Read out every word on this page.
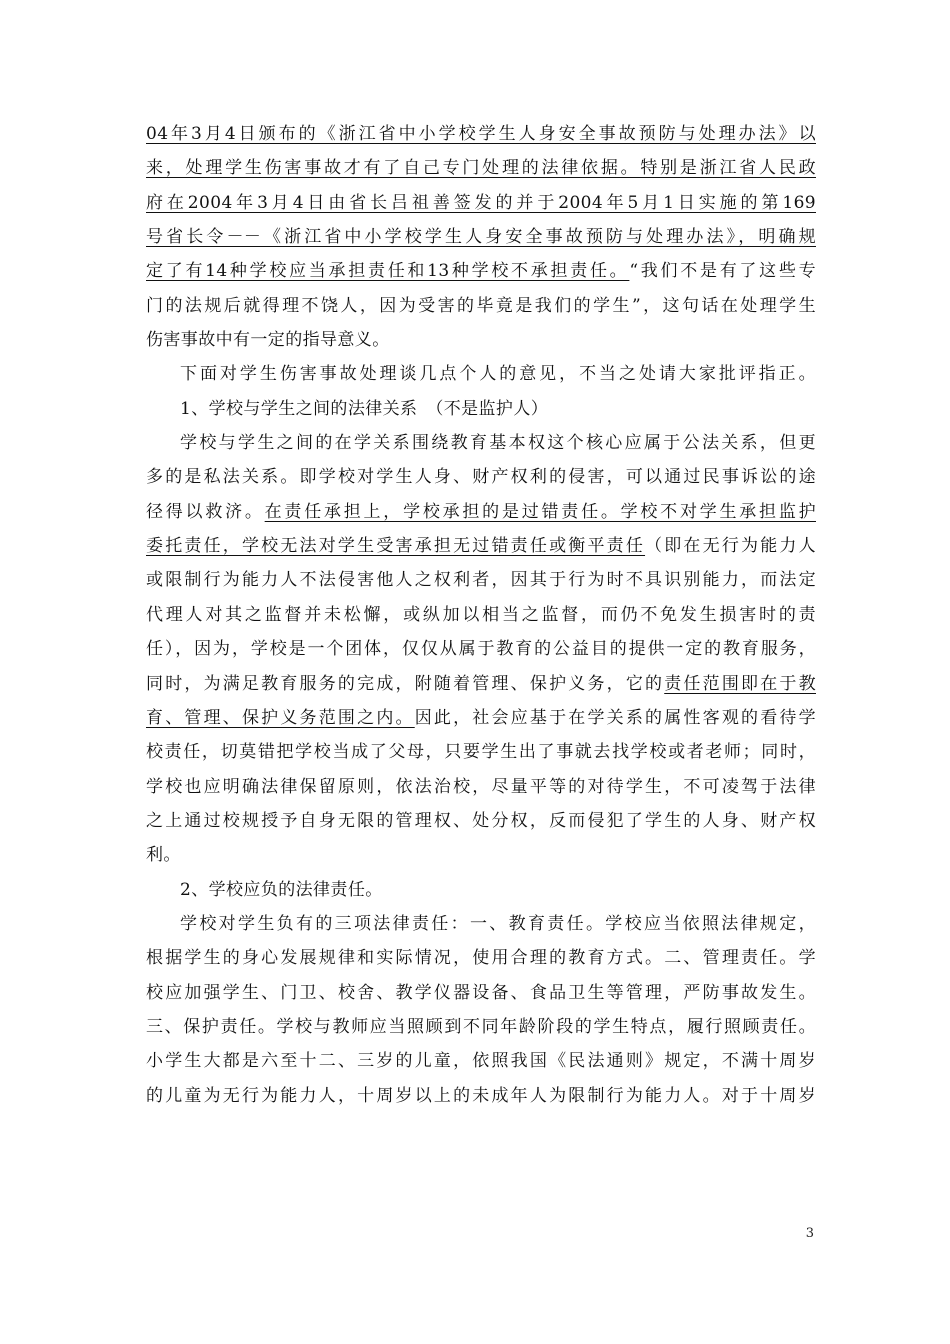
04年3月4日颁布的《浙江省中小学校学生人身安全事故预防与处理办法》以
来，处理学生伤害事故才有了自己专门处理的法律依据。特别是浙江省人民政
府在2004年3月4日由省长吕祖善签发的并于2004年5月1日实施的第169
号省长令－－《浙江省中小学校学生人身安全事故预防与处理办法》，明确规
定了有14种学校应当承担责任和13种学校不承担责任。“我们不是有了这些专
门的法规后就得理不饶人，因为受害的毕竟是我们的学生”，这句话在处理学生
伤害事故中有一定的指导意义。
下面对学生伤害事故处理谈几点个人的意见，不当之处请大家批评指正。
1、学校与学生之间的法律关系　（不是监护人）
学校与学生之间的在学关系围绕教育基本权这个核心应属于公法关系，但更
多的是私法关系。即学校对学生人身、财产权利的侵害，可以通过民事诉讼的途
径得以救济。在责任承担上，学校承担的是过错责任。学校不对学生承担监护
委托责任，学校无法对学生受害承担无过错责任或衡平责任（即在无行为能力人
或限制行为能力人不法侵害他人之权利者，因其于行为时不具识别能力，而法定
代理人对其之监督并未松懈，或纵加以相当之监督，而仍不免发生损害时的责
任），因为，学校是一个团体，仅仅从属于教育的公益目的提供一定的教育服务，
同时，为满足教育服务的完成，附随着管理、保护义务，它的责任范围即在于教
育、管理、保护义务范围之内。因此，社会应基于在学关系的属性客观的看待学
校责任，切莫错把学校当成了父母，只要学生出了事就去找学校或者老师；同时，
学校也应明确法律保留原则，依法治校，尽量平等的对待学生，不可凌驾于法律
之上通过校规授予自身无限的管理权、处分权，反而侵犯了学生的人身、财产权
利。
2、学校应负的法律责任。
学校对学生负有的三项法律责任：一、教育责任。学校应当依照法律规定，
根据学生的身心发展规律和实际情况，使用合理的教育方式。二、管理责任。学
校应加强学生、门卫、校舍、教学仪器设备、食品卫生等管理，严防事故发生。
三、保护责任。学校与教师应当照顾到不同年龄阶段的学生特点，履行照顾责任。
小学生大都是六至十二、三岁的儿童，依照我国《民法通则》规定，不满十周岁
的儿童为无行为能力人，十周岁以上的未成年人为限制行为能力人。对于十周岁
3
